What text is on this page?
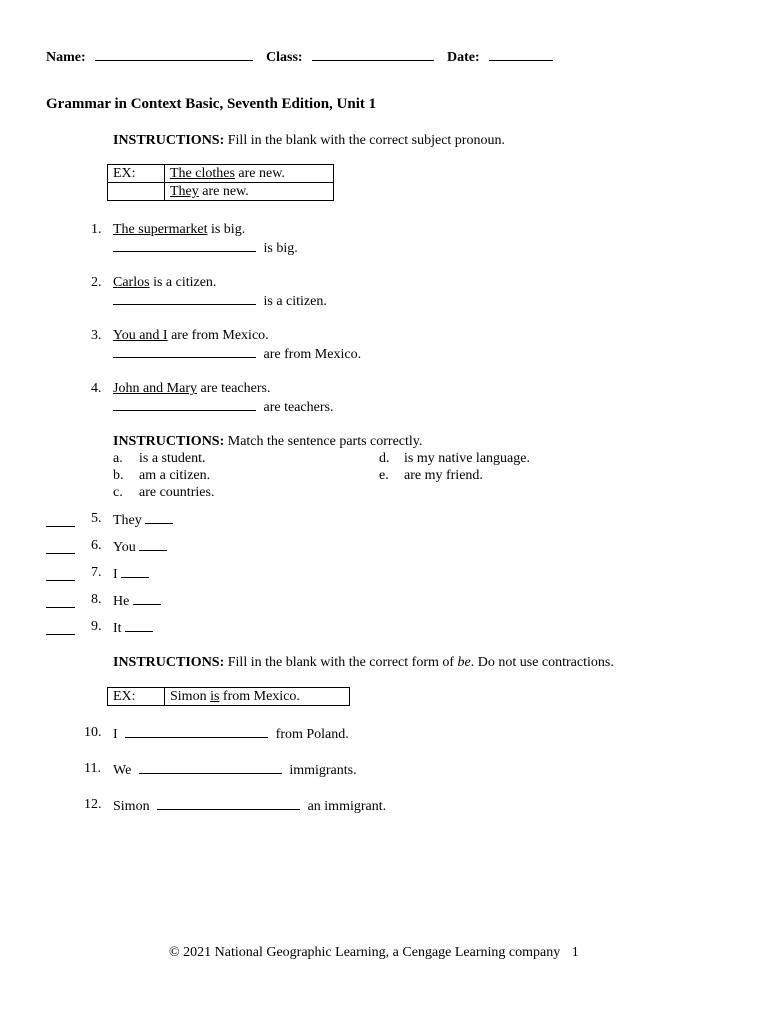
Name:	Class:	Date:
Grammar in Context Basic, Seventh Edition, Unit 1
INSTRUCTIONS: Fill in the blank with the correct subject pronoun.
EX:	The clothes are new.
	They are new.
1. The supermarket is big.
is big.
2. Carlos is a citizen.
is a citizen.
3. You and I are from Mexico.
are from Mexico.
4. John and Mary are teachers.
are teachers.
INSTRUCTIONS: Match the sentence parts correctly.
a. is a student.
b. am a citizen.
c. are countries.
d. is my native language.
e. are my friend.
5. They
6. You
7. I
8. He
9. It
INSTRUCTIONS: Fill in the blank with the correct form of be. Do not use contractions.
EX:	Simon is from Mexico.
10. I	from Poland.
11. We	immigrants.
12. Simon	an immigrant.
© 2021 National Geographic Learning, a Cengage Learning company 1
